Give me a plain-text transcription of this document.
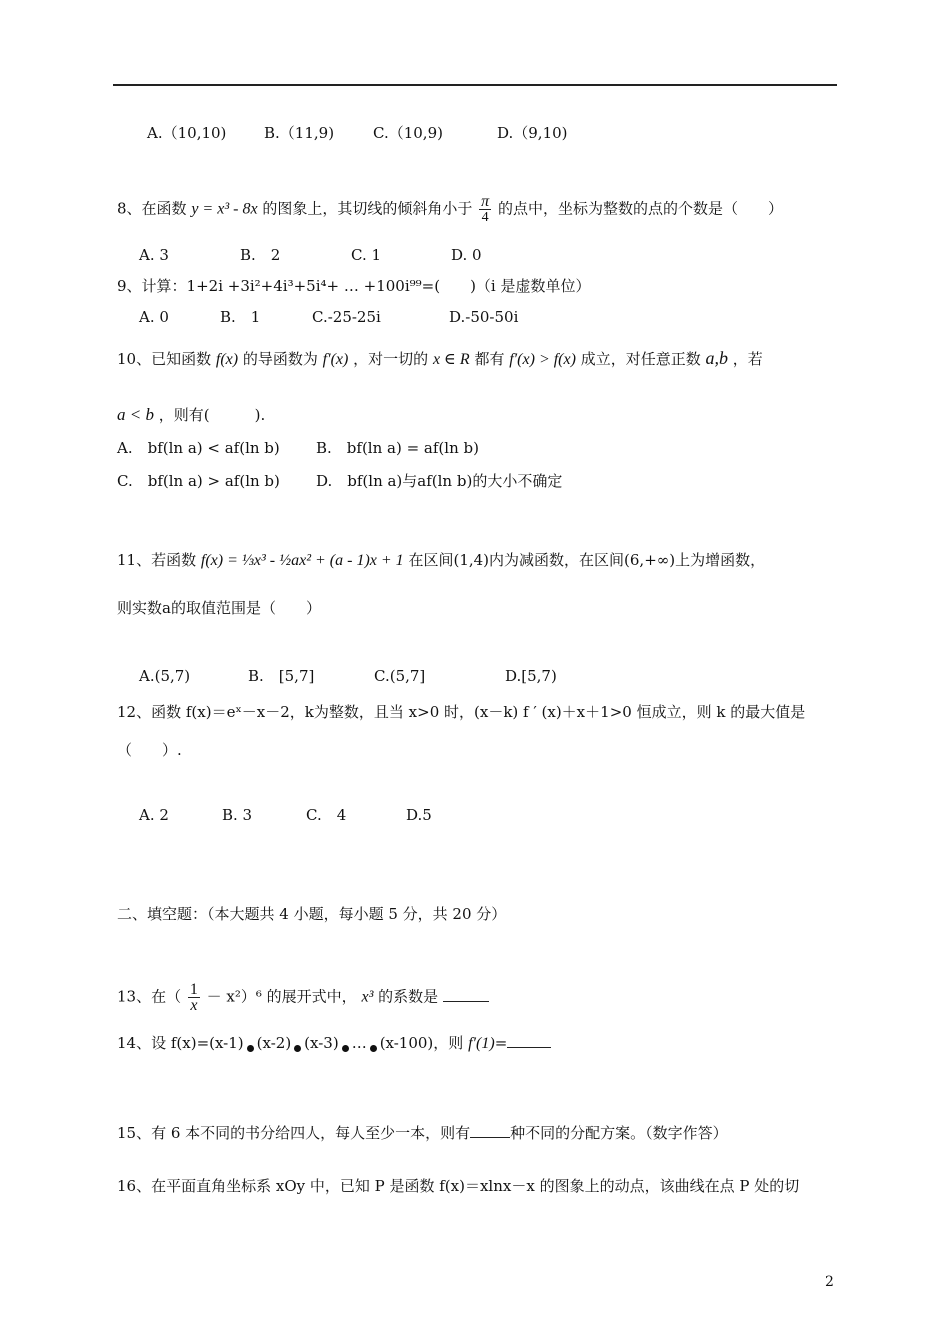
A.（10,10)	B.（11,9)	C.（10,9)	D.（9,10)
8、在函数 y = x³ - 8x 的图象上，其切线的倾斜角小于 $\frac{\pi}{4}$ 的点中，坐标为整数的点的个数是（　　）
A. 3	B.　2	C. 1	D. 0
9、计算：1+2i +3i²+4i³+5i⁴+ … +100i⁹⁹=(　　)（i 是虚数单位）
A. 0	B.　1	C.-25-25i	D.-50-50i
10、已知函数 f(x) 的导函数为 f′(x) ，对一切的 x ∈ R 都有 f′(x) > f(x) 成立，对任意正数 a,b ，若
a < b ，则有(　　　).
A.　bf(ln a) < af(ln b) B.　bf(ln a) = af(ln b)
C.　bf(ln a) > af(ln b) D.　bf(ln a)与af(ln b)的大小不确定
11、若函数 f(x) = ⅓x³ - ½ax² + (a - 1)x + 1 在区间(1,4)内为减函数，在区间(6,+∞)上为增函数，
则实数a的取值范围是（　　）
A.(5,7)	B.　[5,7]	C.(5,7]	D.[5,7)
12、函数 f(x)＝eˣ－x－2，k为整数，且当 x>0 时，(x－k) f ′ (x)＋x＋1>0 恒成立，则 k 的最大值是
（　　）.
A. 2	B. 3	C.　4	D.5
二、填空题：（本大题共 4 小题，每小题 5 分，共 20 分）
13、在（ $\frac{1}{x} - x^2)^6$ 的展开式中， x³ 的系数是
14、设 f(x)=(x-1) (x-2) (x-3) … (x-100)，则 f′(1)=
15、有 6 本不同的书分给四人，每人至少一本，则有	种不同的分配方案。（数字作答）
16、在平面直角坐标系 xOy 中，已知 P 是函数 f(x)＝xlnx－x 的图象上的动点，该曲线在点 P 处的切
2
